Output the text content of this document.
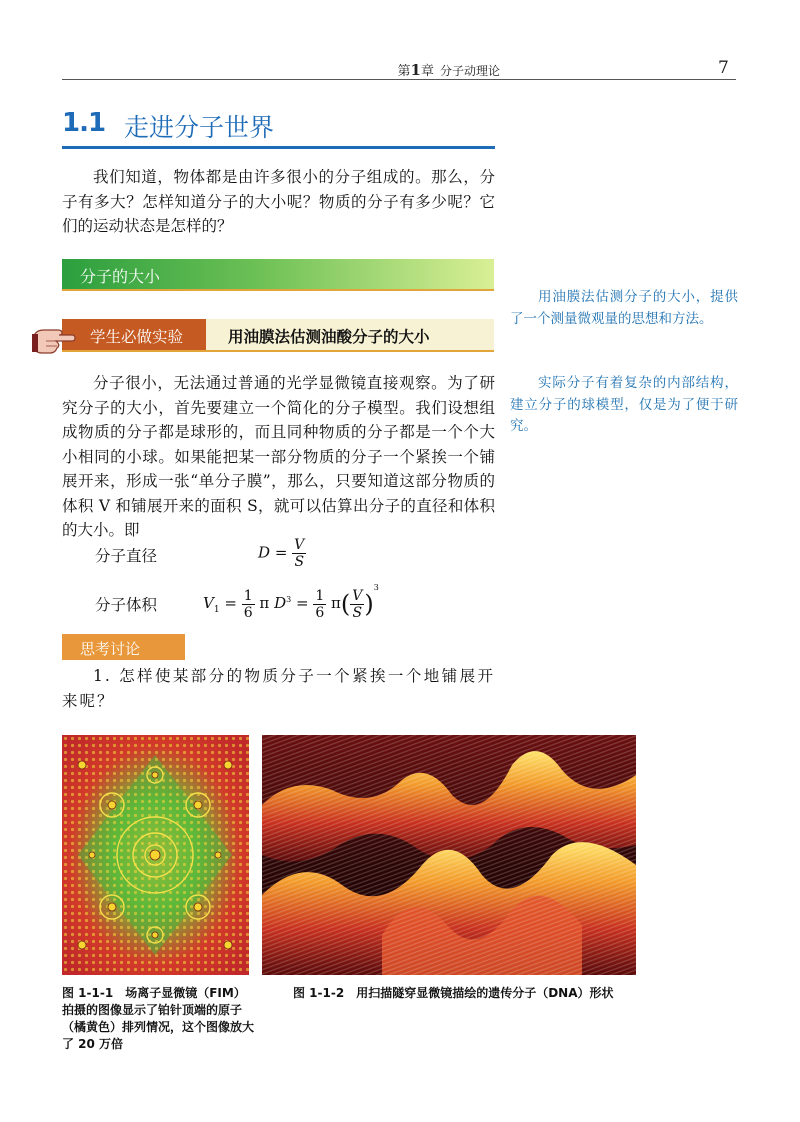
第1章 分子动理论	7
1.1 走进分子世界
我们知道，物体都是由许多很小的分子组成的。那么，分子有多大？怎样知道分子的大小呢？物质的分子有多少呢？它们的运动状态是怎样的？
分子的大小
学生必做实验	用油膜法估测油酸分子的大小
分子很小，无法通过普通的光学显微镜直接观察。为了研究分子的大小，首先要建立一个简化的分子模型。我们设想组成物质的分子都是球形的，而且同种物质的分子都是一个个大小相同的小球。如果能把某一部分物质的分子一个紧挨一个铺展开来，形成一张“单分子膜”，那么，只要知道这部分物质的体积 V 和铺展开来的面积 S，就可以估算出分子的直径和体积的大小。即
分子直径	$D = \frac{V}{S}$
分子体积	$V_1 = \frac{1}{6}$ π $D^3 = \frac{1}{6} \pi( \frac{V}{S} )^3$
思考讨论
1. 怎样使某部分的物质分子一个紧挨一个地铺展开来呢？
用油膜法估测分子的大小，提供了一个测量微观量的思想和方法。
实际分子有着复杂的内部结构，建立分子的球模型，仅是为了便于研究。
图 1-1-1　场离子显微镜（FIM）拍摄的图像显示了铂针顶端的原子（橘黄色）排列情况，这个图像放大了 20 万倍
图 1-1-2　用扫描隧穿显微镜描绘的遗传分子（DNA）形状
